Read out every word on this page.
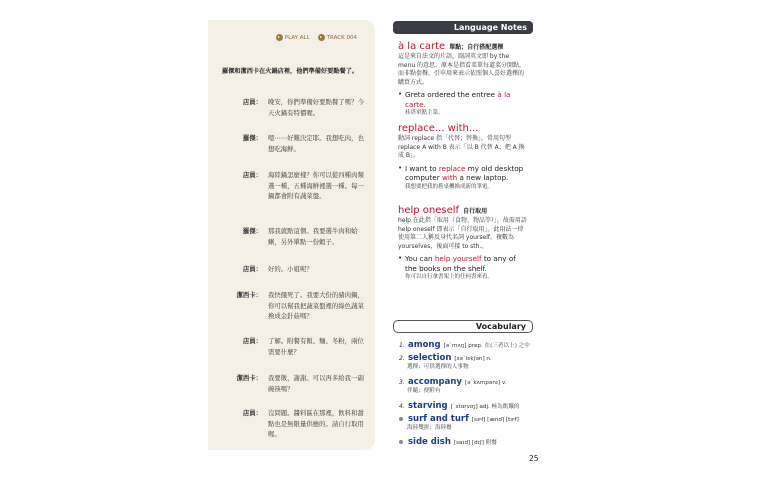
PLAY ALL	TRACK 004
羅傑和潔西卡在火鍋店裡，他們準備好要點餐了。
店員： 晚安，你們準備好要點餐了嗎？今天火鍋有特價喔。
羅傑： 嗯⋯⋯好難決定耶。我想吃肉，也想吃海鮮。
店員： 海陸鍋怎麼樣？你可以從四種肉類選一種，五種海鮮裡選一種。每一鍋都會附有蔬菜盤。
羅傑： 那我就點這個。我要選牛肉和蛤蜊，另外單點一份蝦子。
店員： 好的。小姐呢？
潔西卡： 我快餓死了。我要大份的豬肉鍋，你可以幫我把蔬菜盤裡的綠色蔬菜換成金針菇嗎？
店員： 了解。附餐有飯、麵、冬粉，兩位需要什麼？
潔西卡： 我要飯，謝謝。可以再多給我一副碗筷嗎？
店員： 沒問題。醬料區在那裡，飲料和甜點也是無限量供應的。請自行取用喔。
Language Notes
à la carte 單點；自行搭配選擇
這是來自法文的片語，副詞英文即 by the menu 的意思，原本是指看菜單每道菜分開點，而非點套餐。引申用來表示依照個人喜好選擇的購買方式。
• Greta ordered the entree à la carte.
桂塔單點主菜。
replace... with...
動詞 replace 指「代替；替換」，常用句型 replace A with B 表示「以 B 代替 A；把 A 換成 B」。
• I want to replace my old desktop computer with a new laptop.
我想要把我的舊桌機換成新的筆電。
help oneself 自行取用
help 在此指「取用（食物、物品等）」，故需用語 help oneself 即表示「自行取用」。此用法一律使用第二人稱反身代名詞 yourself，複數為 yourselves，後面可接 to sth.。
• You can help yourself to any of the books on the shelf.
你可以自行拿書架上的任何書來看。
Vocabulary
1. among [əˋmʌŋ] prep. 在(三者以上) 之中
2. selection [səˋlɛkʃən] n.
選擇；可供選擇的人事物
3. accompany [əˋkʌmpənɪ] v.
伴隨；便附有
4. starving [ˋstɑrvɪŋ] adj. 極為飢餓的
surf and turf [sɝf] [ænd] [tɝf]
海陸雙拼；海陸餐
side dish [saɪd] [dɪʃ] 附餐
25
